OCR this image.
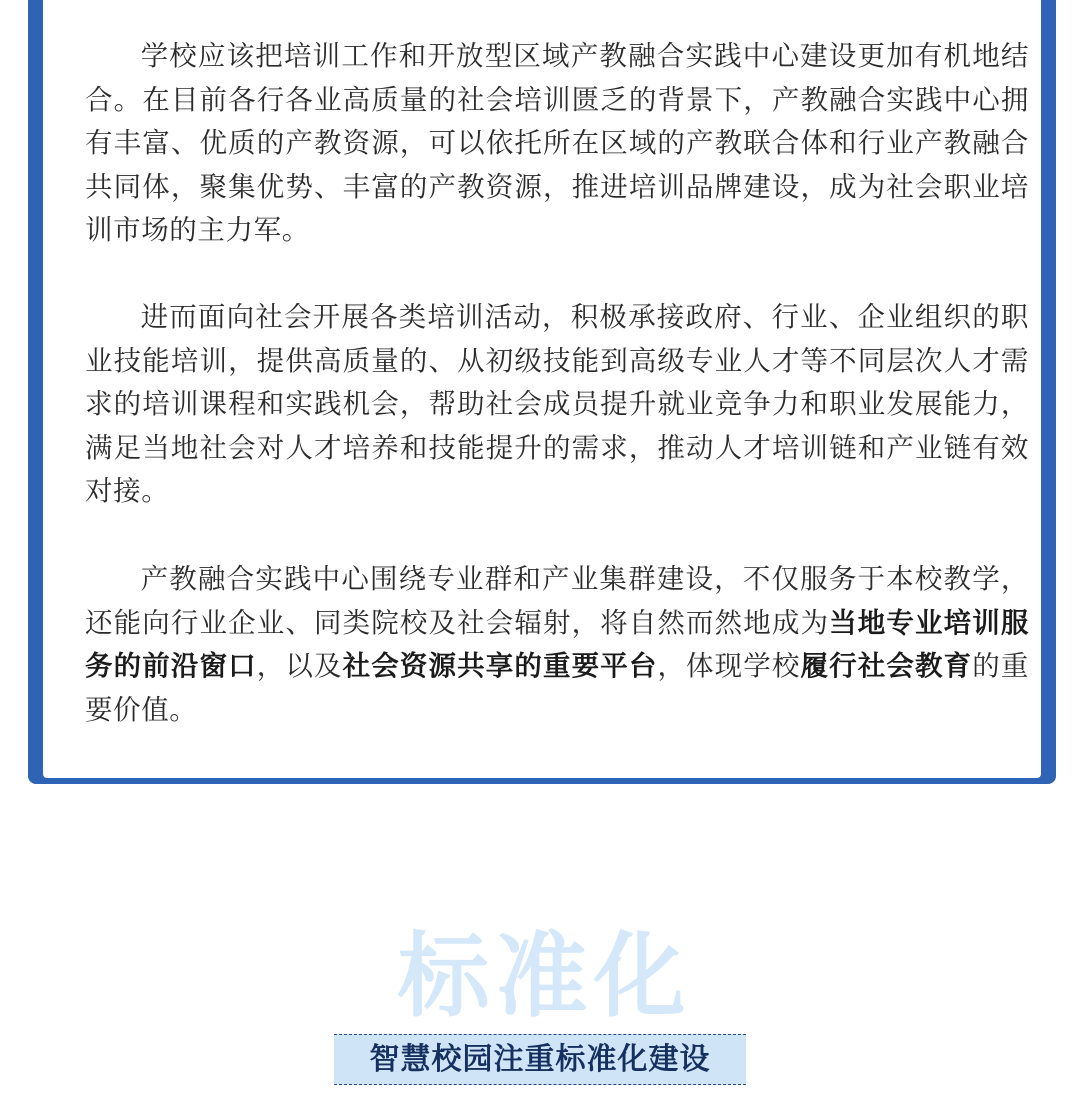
学校应该把培训工作和开放型区域产教融合实践中心建设更加有机地结合。在目前各行各业高质量的社会培训匮乏的背景下，产教融合实践中心拥有丰富、优质的产教资源，可以依托所在区域的产教联合体和行业产教融合共同体，聚集优势、丰富的产教资源，推进培训品牌建设，成为社会职业培训市场的主力军。

进而面向社会开展各类培训活动，积极承接政府、行业、企业组织的职业技能培训，提供高质量的、从初级技能到高级专业人才等不同层次人才需求的培训课程和实践机会，帮助社会成员提升就业竞争力和职业发展能力，满足当地社会对人才培养和技能提升的需求，推动人才培训链和产业链有效对接。

产教融合实践中心围绕专业群和产业集群建设，不仅服务于本校教学，还能向行业企业、同类院校及社会辐射，将自然而然地成为当地专业培训服务的前沿窗口，以及社会资源共享的重要平台，体现学校履行社会教育的重要价值。

标准化
智慧校园注重标准化建设
